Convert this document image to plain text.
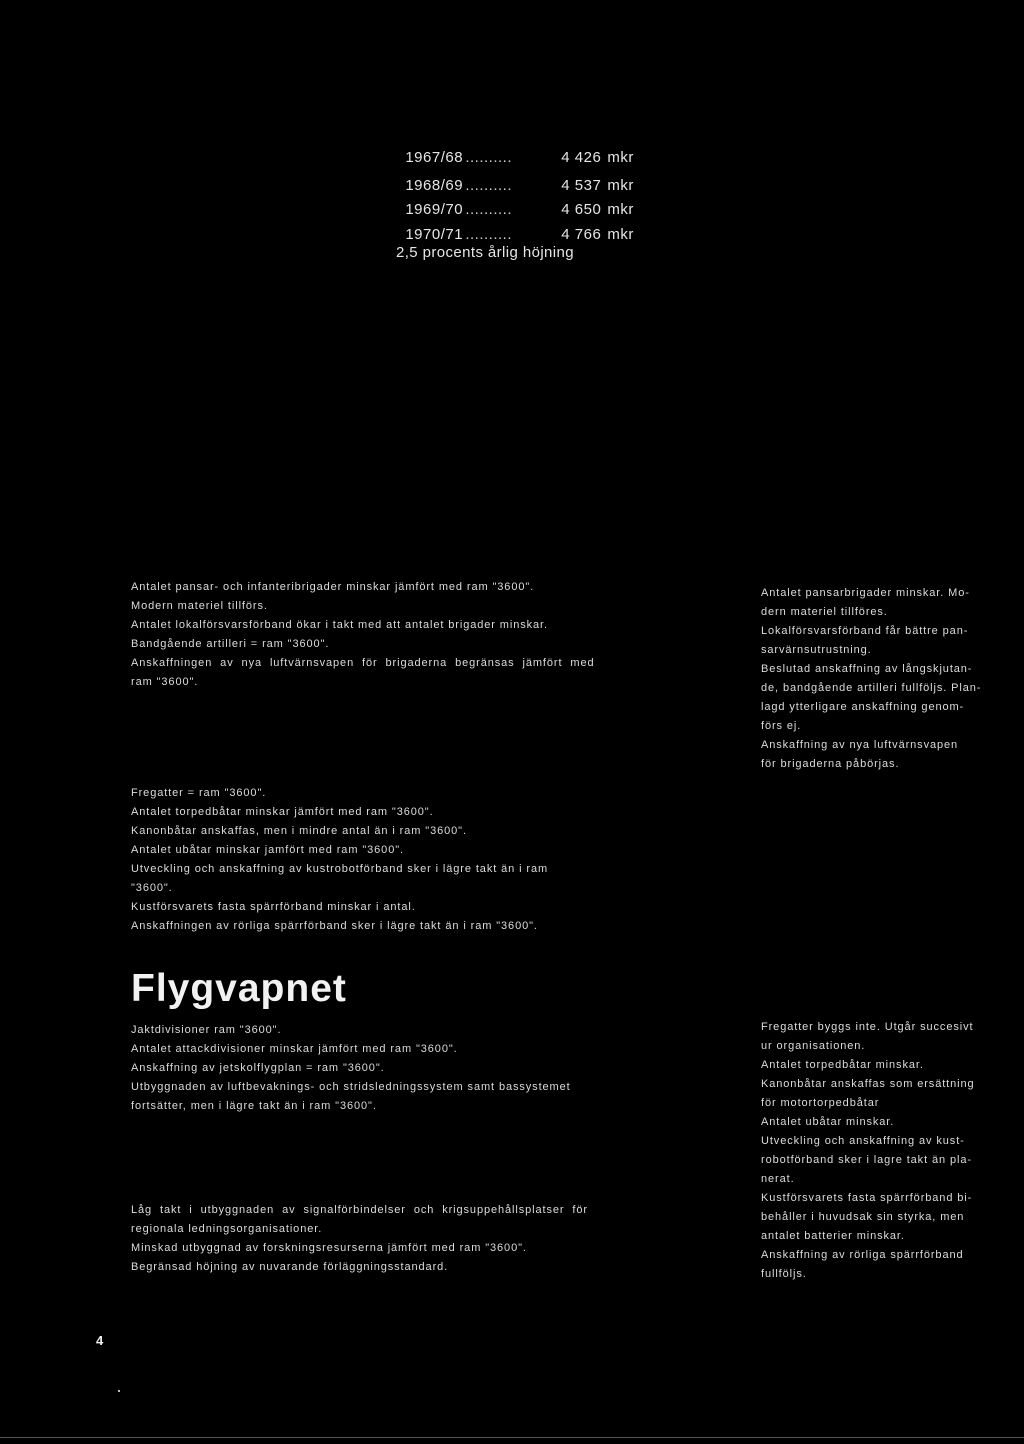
1967/68 ..........	4 426 mkr

1968/69 ..........	4 537 mkr

1969/70 ..........	4 650 mkr

1970/71 ..........	4 766 mkr

2,5 procents årlig höjning

Antalet pansar- och infanteribrigader minskar jämfört med ram "3600".

Modern materiel tillförs.

Antalet lokalförsvarsförband ökar i takt med att antalet brigader minskar.

Bandgående artilleri = ram "3600".

Anskaffningen av nya luftvärnsvapen för brigaderna begränsas jämfört med

ram "3600".

Antalet pansarbrigader minskar. Mo-

dern materiel tillföres.

Lokalförsvarsförband får bättre pan-

sarvärnsutrustning.

Beslutad anskaffning av långskjutan-

de, bandgående artilleri fullföljs. Plan-

lagd ytterligare anskaffning genom-

förs ej.

Anskaffning av nya luftvärnsvapen

för brigaderna påbörjas.

Fregatter = ram "3600".

Antalet torpedbåtar minskar jämfört med ram "3600".

Kanonbåtar anskaffas, men i mindre antal än i ram "3600".

Antalet ubåtar minskar jamfört med ram "3600".

Utveckling och anskaffning av kustrobotförband sker i lägre takt än i ram

"3600".

Kustförsvarets fasta spärrförband minskar i antal.

Anskaffningen av rörliga spärrförband sker i lägre takt än i ram "3600".

Flygvapnet

Jaktdivisioner ram "3600".

Antalet attackdivisioner minskar jämfört med ram "3600".

Anskaffning av jetskolflygplan = ram "3600".

Utbyggnaden av luftbevaknings- och stridsledningssystem samt bassystemet

fortsätter, men i lägre takt än i ram "3600".

Låg takt i utbyggnaden av signalförbindelser och krigsuppehållsplatser för

regionala ledningsorganisationer.

Minskad utbyggnad av forskningsresurserna jämfört med ram "3600".

Begränsad höjning av nuvarande förläggningsstandard.

Fregatter byggs inte. Utgår succesivt

ur organisationen.

Antalet torpedbåtar minskar.

Kanonbåtar anskaffas som ersättning

för motortorpedbåtar

Antalet ubåtar minskar.

Utveckling och anskaffning av kust-

robotförband sker i lagre takt än pla-

nerat.

Kustförsvarets fasta spärrförband bi-

behåller i huvudsak sin styrka, men

antalet batterier minskar.

Anskaffning av rörliga spärrförband

fullföljs.

4
